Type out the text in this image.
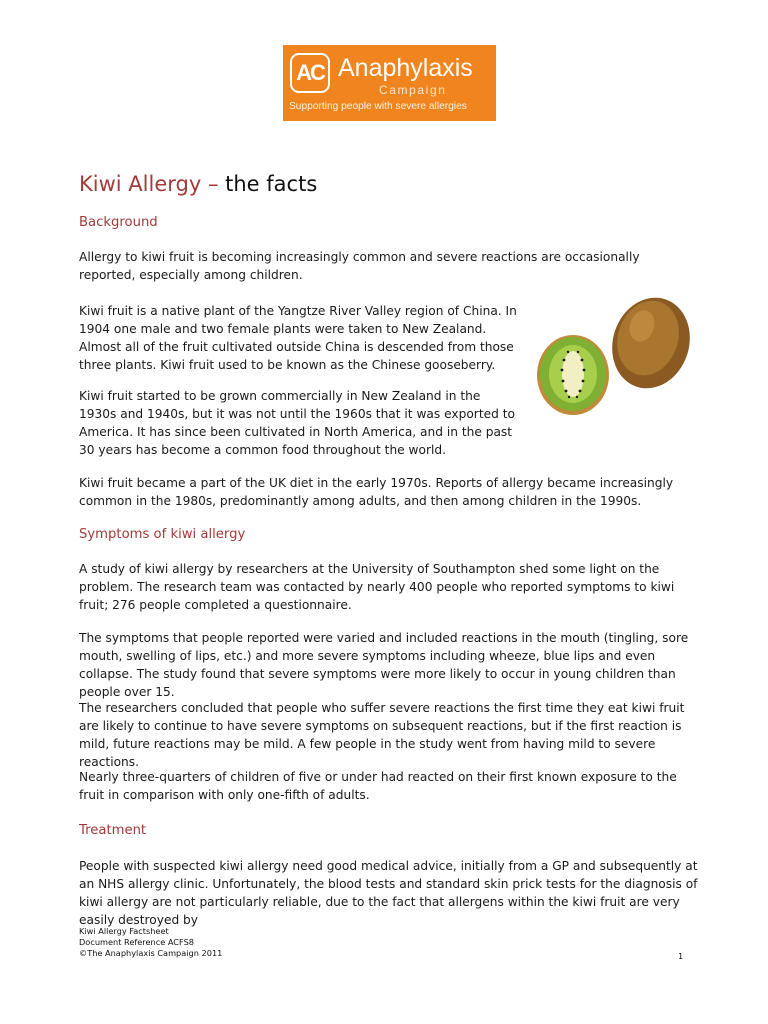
AC Anaphylaxis
Campaign
Supporting people with severe allergies
Kiwi Allergy – the facts
Background

Allergy to kiwi fruit is becoming increasingly common and severe reactions are occasionally reported, especially among children.

Kiwi fruit is a native plant of the Yangtze River Valley region of China. In 1904 one male and two female plants were taken to New Zealand. Almost all of the fruit cultivated outside China is descended from those three plants. Kiwi fruit used to be known as the Chinese gooseberry.

Kiwi fruit started to be grown commercially in New Zealand in the 1930s and 1940s, but it was not until the 1960s that it was exported to America. It has since been cultivated in North America, and in the past 30 years has become a common food throughout the world.

Kiwi fruit became a part of the UK diet in the early 1970s. Reports of allergy became increasingly common in the 1980s, predominantly among adults, and then among children in the 1990s.

Symptoms of kiwi allergy

A study of kiwi allergy by researchers at the University of Southampton shed some light on the problem. The research team was contacted by nearly 400 people who reported symptoms to kiwi fruit; 276 people completed a questionnaire.

The symptoms that people reported were varied and included reactions in the mouth (tingling, sore mouth, swelling of lips, etc.) and more severe symptoms including wheeze, blue lips and even collapse. The study found that severe symptoms were more likely to occur in young children than people over 15.

The researchers concluded that people who suffer severe reactions the first time they eat kiwi fruit are likely to continue to have severe symptoms on subsequent reactions, but if the first reaction is mild, future reactions may be mild. A few people in the study went from having mild to severe reactions.

Nearly three-quarters of children of five or under had reacted on their first known exposure to the fruit in comparison with only one-fifth of adults.

Treatment

People with suspected kiwi allergy need good medical advice, initially from a GP and subsequently at an NHS allergy clinic. Unfortunately, the blood tests and standard skin prick tests for the diagnosis of kiwi allergy are not particularly reliable, due to the fact that allergens within the kiwi fruit are very easily destroyed by

Kiwi Allergy Factsheet
Document Reference ACFS8
©The Anaphylaxis Campaign 2011	1
